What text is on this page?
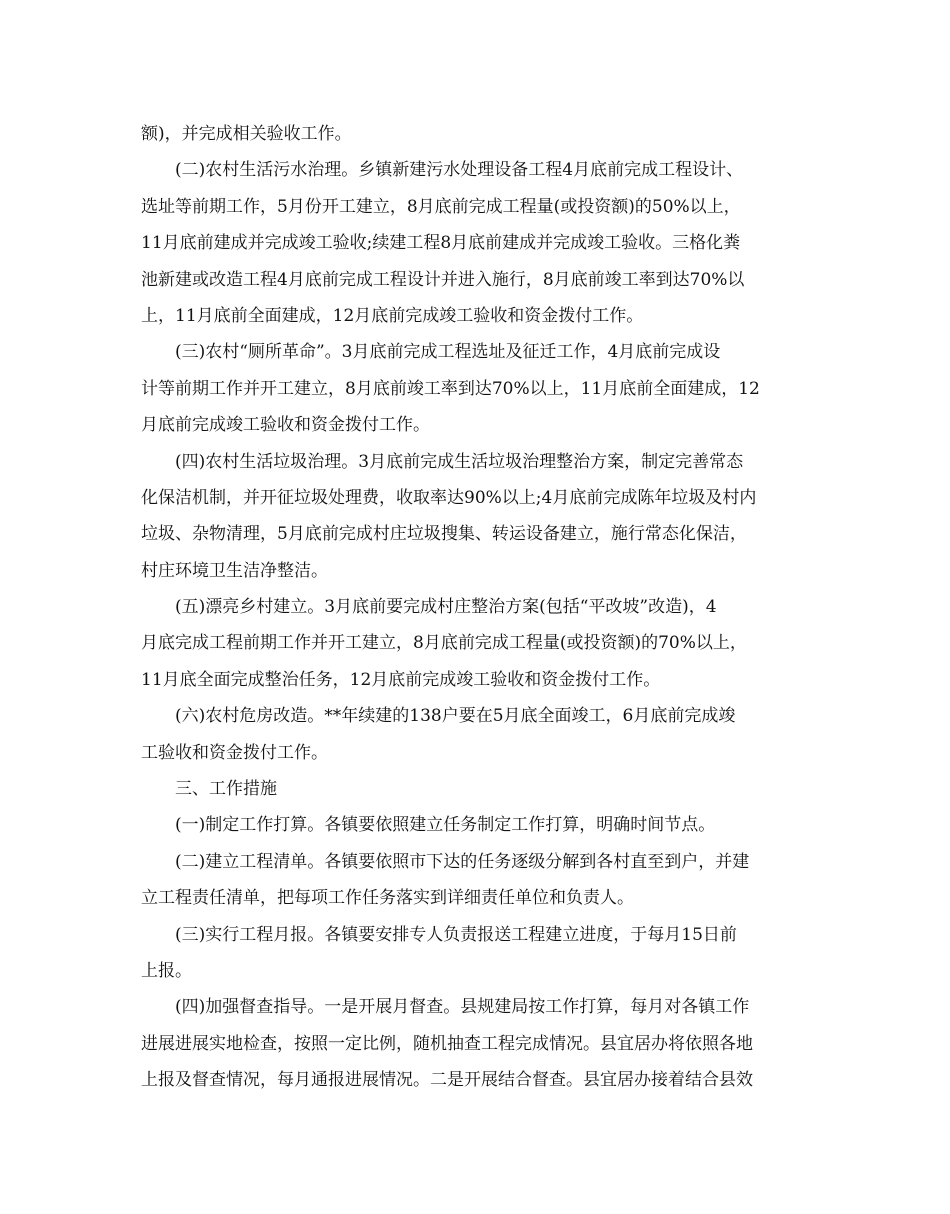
额)，并完成相关验收工作。
(二)农村生活污水治理。乡镇新建污水处理设备工程4月底前完成工程设计、
选址等前期工作，5月份开工建立，8月底前完成工程量(或投资额)的50%以上，
11月底前建成并完成竣工验收;续建工程8月底前建成并完成竣工验收。三格化粪
池新建或改造工程4月底前完成工程设计并进入施行，8月底前竣工率到达70%以
上，11月底前全面建成，12月底前完成竣工验收和资金拨付工作。
(三)农村“厕所革命”。3月底前完成工程选址及征迁工作，4月底前完成设
计等前期工作并开工建立，8月底前竣工率到达70%以上，11月底前全面建成，12
月底前完成竣工验收和资金拨付工作。
(四)农村生活垃圾治理。3月底前完成生活垃圾治理整治方案，制定完善常态
化保洁机制，并开征垃圾处理费，收取率达90%以上;4月底前完成陈年垃圾及村内
垃圾、杂物清理，5月底前完成村庄垃圾搜集、转运设备建立，施行常态化保洁，
村庄环境卫生洁净整洁。
(五)漂亮乡村建立。3月底前要完成村庄整治方案(包括“平改坡”改造)，4
月底完成工程前期工作并开工建立，8月底前完成工程量(或投资额)的70%以上，
11月底全面完成整治任务，12月底前完成竣工验收和资金拨付工作。
(六)农村危房改造。**年续建的138户要在5月底全面竣工，6月底前完成竣
工验收和资金拨付工作。
三、工作措施
(一)制定工作打算。各镇要依照建立任务制定工作打算，明确时间节点。
(二)建立工程清单。各镇要依照市下达的任务逐级分解到各村直至到户，并建
立工程责任清单，把每项工作任务落实到详细责任单位和负责人。
(三)实行工程月报。各镇要安排专人负责报送工程建立进度，于每月15日前
上报。
(四)加强督查指导。一是开展月督查。县规建局按工作打算，每月对各镇工作
进展进展实地检查，按照一定比例，随机抽查工程完成情况。县宜居办将依照各地
上报及督查情况，每月通报进展情况。二是开展结合督查。县宜居办接着结合县效
